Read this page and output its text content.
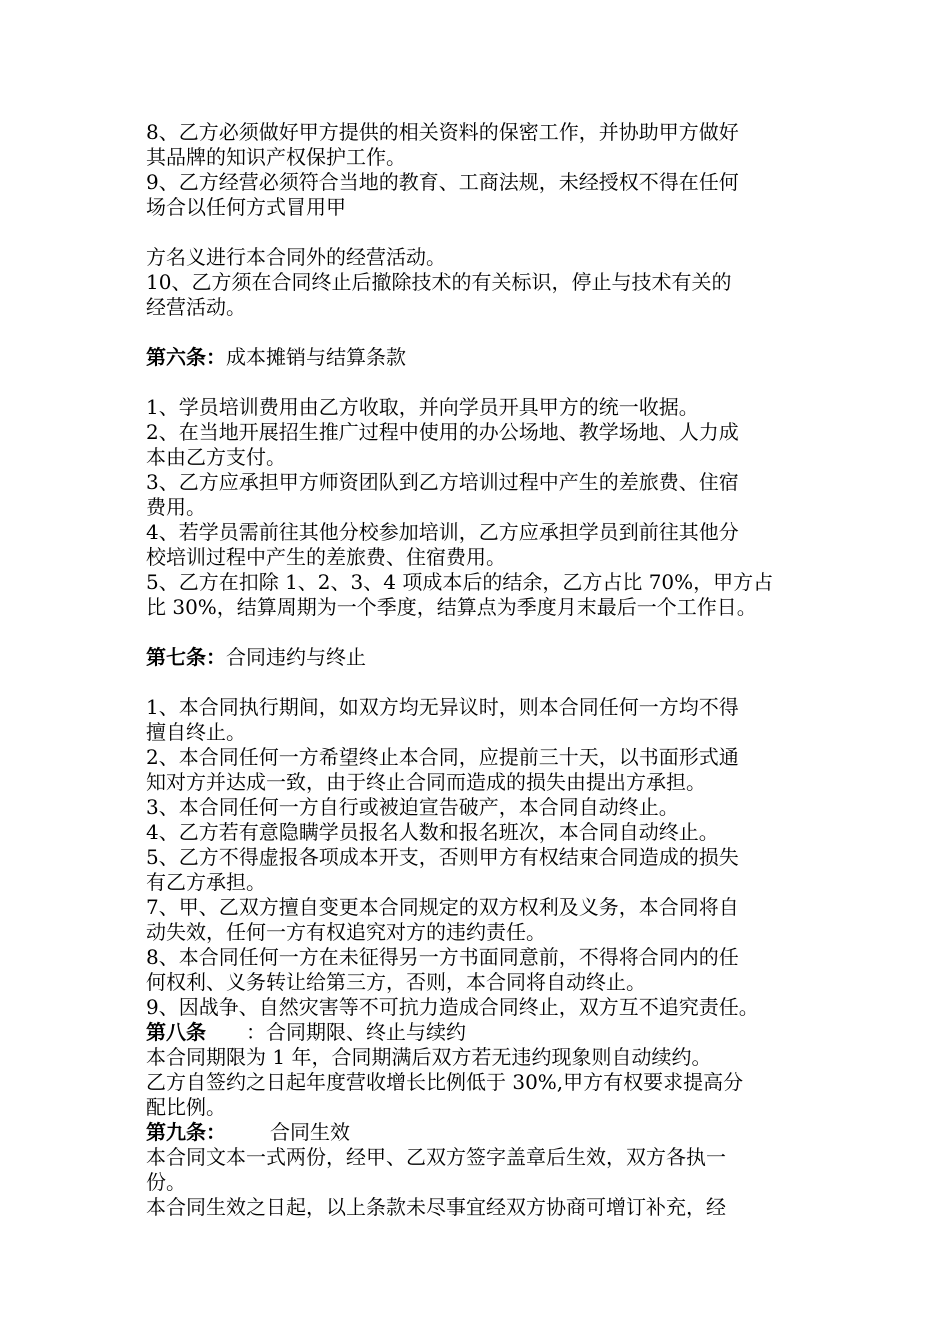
8、乙方必须做好甲方提供的相关资料的保密工作，并协助甲方做好
其品牌的知识产权保护工作。
9、乙方经营必须符合当地的教育、工商法规，未经授权不得在任何
场合以任何方式冒用甲
方名义进行本合同外的经营活动。
10、乙方须在合同终止后撤除技术的有关标识，停止与技术有关的
经营活动。
第六条：成本摊销与结算条款
1、学员培训费用由乙方收取，并向学员开具甲方的统一收据。
2、在当地开展招生推广过程中使用的办公场地、教学场地、人力成
本由乙方支付。
3、乙方应承担甲方师资团队到乙方培训过程中产生的差旅费、住宿
费用。
4、若学员需前往其他分校参加培训，乙方应承担学员到前往其他分
校培训过程中产生的差旅费、住宿费用。
5、乙方在扣除 1、2、3、4 项成本后的结余，乙方占比 70%，甲方占
比 30%，结算周期为一个季度，结算点为季度月末最后一个工作日。
第七条：合同违约与终止
1、本合同执行期间，如双方均无异议时，则本合同任何一方均不得
擅自终止。
2、本合同任何一方希望终止本合同，应提前三十天，以书面形式通
知对方并达成一致，由于终止合同而造成的损失由提出方承担。
3、本合同任何一方自行或被迫宣告破产，本合同自动终止。
4、乙方若有意隐瞒学员报名人数和报名班次，本合同自动终止。
5、乙方不得虚报各项成本开支，否则甲方有权结束合同造成的损失
有乙方承担。
7、甲、乙双方擅自变更本合同规定的双方权利及义务，本合同将自
动失效，任何一方有权追究对方的违约责任。
8、本合同任何一方在未征得另一方书面同意前，不得将合同内的任
何权利、义务转让给第三方，否则，本合同将自动终止。
9、因战争、自然灾害等不可抗力造成合同终止，双方互不追究责任。
第八条 ：合同期限、终止与续约
本合同期限为 1 年，合同期满后双方若无违约现象则自动续约。
乙方自签约之日起年度营收增长比例低于 30%,甲方有权要求提高分
配比例。
第九条： 合同生效
本合同文本一式两份，经甲、乙双方签字盖章后生效，双方各执一
份。
本合同生效之日起，以上条款未尽事宜经双方协商可增订补充，经
